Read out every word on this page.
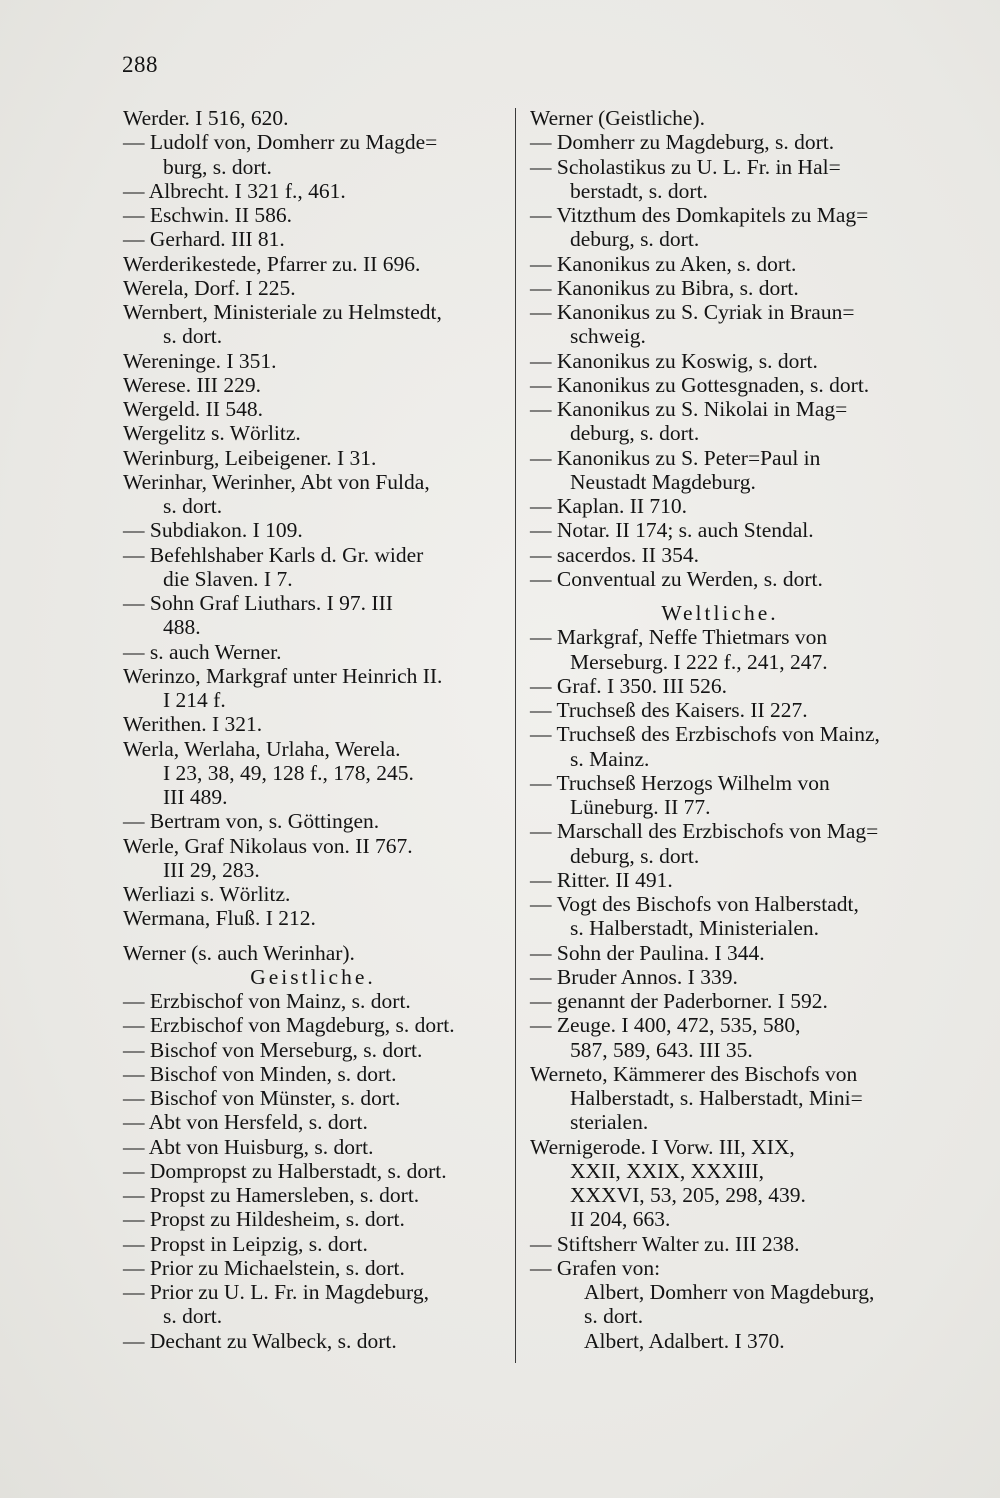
288
Werder. I 516, 620.
— Ludolf von, Domherr zu Magde=
burg, s. dort.
— Albrecht. I 321 f., 461.
— Eschwin. II 586.
— Gerhard. III 81.
Werderikestede, Pfarrer zu. II 696.
Werela, Dorf. I 225.
Wernbert, Ministeriale zu Helmstedt,
s. dort.
Wereninge. I 351.
Werese. III 229.
Wergeld. II 548.
Wergelitz s. Wörlitz.
Werinburg, Leibeigener. I 31.
Werinhar, Werinher, Abt von Fulda,
s. dort.
— Subdiakon. I 109.
— Befehlshaber Karls d. Gr. wider
die Slaven. I 7.
— Sohn Graf Liuthars. I 97. III
488.
— s. auch Werner.
Werinzo, Markgraf unter Heinrich II.
I 214 f.
Werithen. I 321.
Werla, Werlaha, Urlaha, Werela.
I 23, 38, 49, 128 f., 178, 245.
III 489.
— Bertram von, s. Göttingen.
Werle, Graf Nikolaus von. II 767.
III 29, 283.
Werliazi s. Wörlitz.
Wermana, Fluß. I 212.
Werner (s. auch Werinhar).
Geistliche.
— Erzbischof von Mainz, s. dort.
— Erzbischof von Magdeburg, s. dort.
— Bischof von Merseburg, s. dort.
— Bischof von Minden, s. dort.
— Bischof von Münster, s. dort.
— Abt von Hersfeld, s. dort.
— Abt von Huisburg, s. dort.
— Dompropst zu Halberstadt, s. dort.
— Propst zu Hamersleben, s. dort.
— Propst zu Hildesheim, s. dort.
— Propst in Leipzig, s. dort.
— Prior zu Michaelstein, s. dort.
— Prior zu U. L. Fr. in Magdeburg,
s. dort.
— Dechant zu Walbeck, s. dort.
Werner (Geistliche).
— Domherr zu Magdeburg, s. dort.
— Scholastikus zu U. L. Fr. in Hal=
berstadt, s. dort.
— Vitzthum des Domkapitels zu Mag=
deburg, s. dort.
— Kanonikus zu Aken, s. dort.
— Kanonikus zu Bibra, s. dort.
— Kanonikus zu S. Cyriak in Braun=
schweig.
— Kanonikus zu Koswig, s. dort.
— Kanonikus zu Gottesgnaden, s. dort.
— Kanonikus zu S. Nikolai in Mag=
deburg, s. dort.
— Kanonikus zu S. Peter=Paul in
Neustadt Magdeburg.
— Kaplan. II 710.
— Notar. II 174; s. auch Stendal.
— sacerdos. II 354.
— Conventual zu Werden, s. dort.
Weltliche.
— Markgraf, Neffe Thietmars von
Merseburg. I 222 f., 241, 247.
— Graf. I 350. III 526.
— Truchseß des Kaisers. II 227.
— Truchseß des Erzbischofs von Mainz,
s. Mainz.
— Truchseß Herzogs Wilhelm von
Lüneburg. II 77.
— Marschall des Erzbischofs von Mag=
deburg, s. dort.
— Ritter. II 491.
— Vogt des Bischofs von Halberstadt,
s. Halberstadt, Ministerialen.
— Sohn der Paulina. I 344.
— Bruder Annos. I 339.
— genannt der Paderborner. I 592.
— Zeuge. I 400, 472, 535, 580,
587, 589, 643. III 35.
Werneto, Kämmerer des Bischofs von
Halberstadt, s. Halberstadt, Mini=
sterialen.
Wernigerode. I Vorw. III, XIX,
XXII, XXIX, XXXIII,
XXXVI, 53, 205, 298, 439.
II 204, 663.
— Stiftsherr Walter zu. III 238.
— Grafen von:
Albert, Domherr von Magdeburg,
s. dort.
Albert, Adalbert. I 370.
